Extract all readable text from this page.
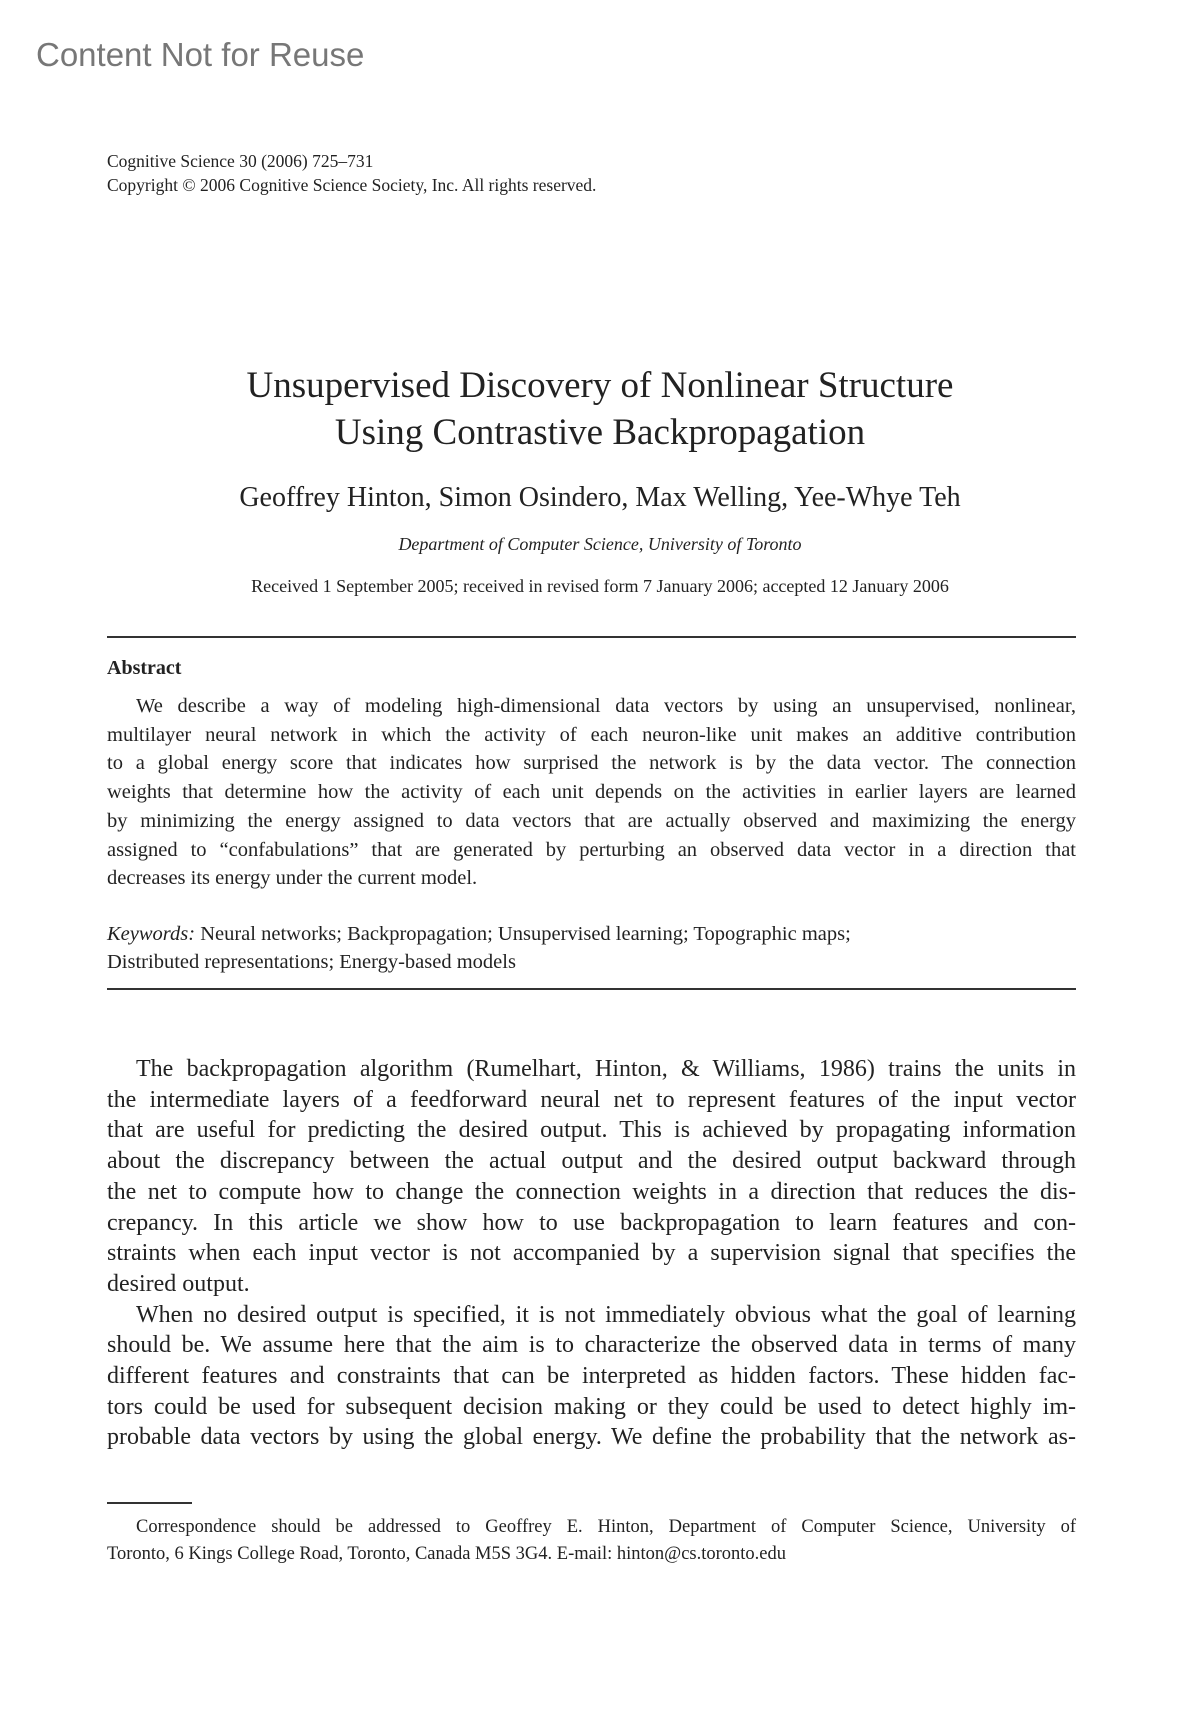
Content Not for Reuse
Cognitive Science 30 (2006) 725–731
Copyright © 2006 Cognitive Science Society, Inc. All rights reserved.
Unsupervised Discovery of Nonlinear Structure
Using Contrastive Backpropagation
Geoffrey Hinton, Simon Osindero, Max Welling, Yee-Whye Teh
Department of Computer Science, University of Toronto
Received 1 September 2005; received in revised form 7 January 2006; accepted 12 January 2006
Abstract
We describe a way of modeling high-dimensional data vectors by using an unsupervised, nonlinear,
multilayer neural network in which the activity of each neuron-like unit makes an additive contribution
to a global energy score that indicates how surprised the network is by the data vector. The connection
weights that determine how the activity of each unit depends on the activities in earlier layers are learned
by minimizing the energy assigned to data vectors that are actually observed and maximizing the energy
assigned to “confabulations” that are generated by perturbing an observed data vector in a direction that
decreases its energy under the current model.
Keywords: Neural networks; Backpropagation; Unsupervised learning; Topographic maps;
Distributed representations; Energy-based models
The backpropagation algorithm (Rumelhart, Hinton, & Williams, 1986) trains the units in
the intermediate layers of a feedforward neural net to represent features of the input vector
that are useful for predicting the desired output. This is achieved by propagating information
about the discrepancy between the actual output and the desired output backward through
the net to compute how to change the connection weights in a direction that reduces the dis-
crepancy. In this article we show how to use backpropagation to learn features and con-
straints when each input vector is not accompanied by a supervision signal that specifies the
desired output.
When no desired output is specified, it is not immediately obvious what the goal of learning
should be. We assume here that the aim is to characterize the observed data in terms of many
different features and constraints that can be interpreted as hidden factors. These hidden fac-
tors could be used for subsequent decision making or they could be used to detect highly im-
probable data vectors by using the global energy. We define the probability that the network as-
Correspondence should be addressed to Geoffrey E. Hinton, Department of Computer Science, University of
Toronto, 6 Kings College Road, Toronto, Canada M5S 3G4. E-mail: hinton@cs.toronto.edu
